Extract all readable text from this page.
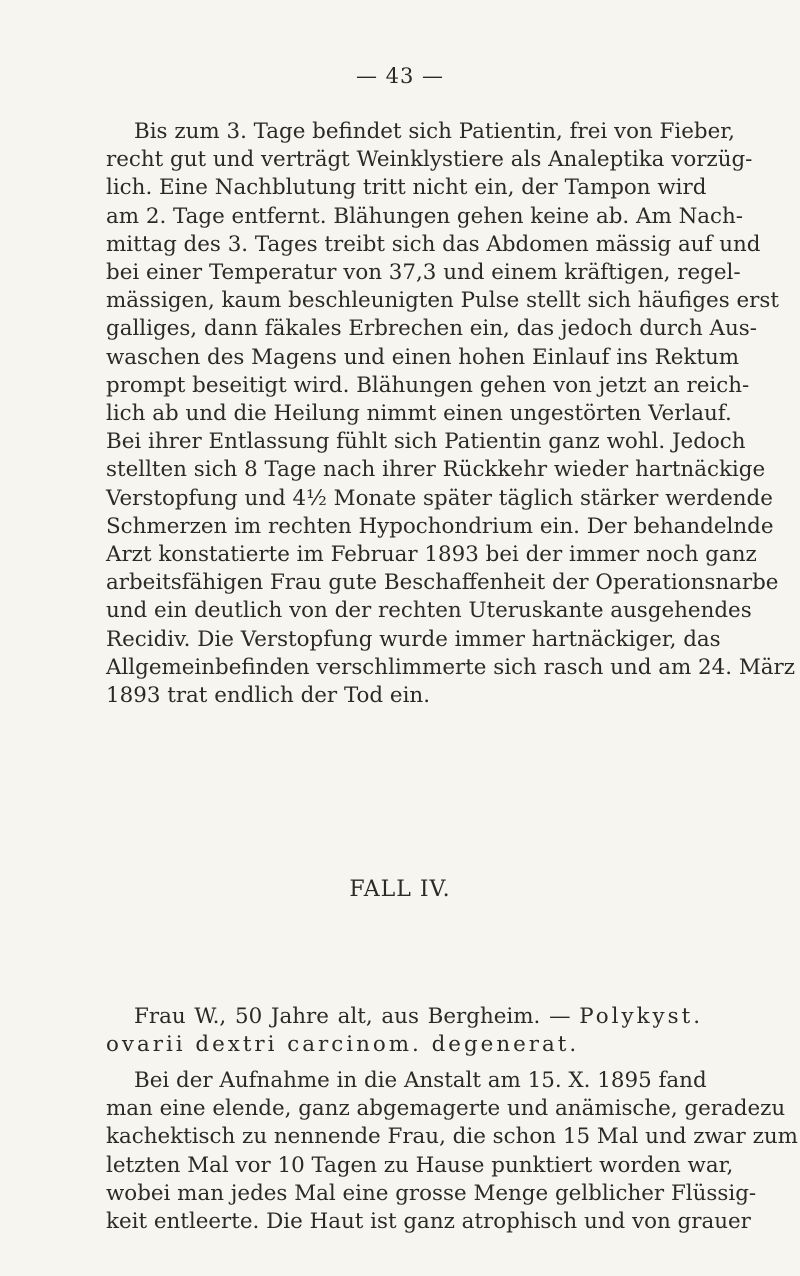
— 43 —
Bis zum 3. Tage befindet sich Patientin, frei von Fieber,
recht gut und verträgt Weinklystiere als Analeptika vorzüg-
lich. Eine Nachblutung tritt nicht ein, der Tampon wird
am 2. Tage entfernt. Blähungen gehen keine ab. Am Nach-
mittag des 3. Tages treibt sich das Abdomen mässig auf und
bei einer Temperatur von 37,3 und einem kräftigen, regel-
mässigen, kaum beschleunigten Pulse stellt sich häufiges erst
galliges, dann fäkales Erbrechen ein, das jedoch durch Aus-
waschen des Magens und einen hohen Einlauf ins Rektum
prompt beseitigt wird. Blähungen gehen von jetzt an reich-
lich ab und die Heilung nimmt einen ungestörten Verlauf.
Bei ihrer Entlassung fühlt sich Patientin ganz wohl. Jedoch
stellten sich 8 Tage nach ihrer Rückkehr wieder hartnäckige
Verstopfung und 4½ Monate später täglich stärker werdende
Schmerzen im rechten Hypochondrium ein. Der behandelnde
Arzt konstatierte im Februar 1893 bei der immer noch ganz
arbeitsfähigen Frau gute Beschaffenheit der Operationsnarbe
und ein deutlich von der rechten Uteruskante ausgehendes
Recidiv. Die Verstopfung wurde immer hartnäckiger, das
Allgemeinbefinden verschlimmerte sich rasch und am 24. März
1893 trat endlich der Tod ein.
FALL IV.
Frau W., 50 Jahre alt, aus Bergheim. — Polykyst.
ovarii dextri carcinom. degenerat.
Bei der Aufnahme in die Anstalt am 15. X. 1895 fand
man eine elende, ganz abgemagerte und anämische, geradezu
kachektisch zu nennende Frau, die schon 15 Mal und zwar zum
letzten Mal vor 10 Tagen zu Hause punktiert worden war,
wobei man jedes Mal eine grosse Menge gelblicher Flüssig-
keit entleerte. Die Haut ist ganz atrophisch und von grauer
